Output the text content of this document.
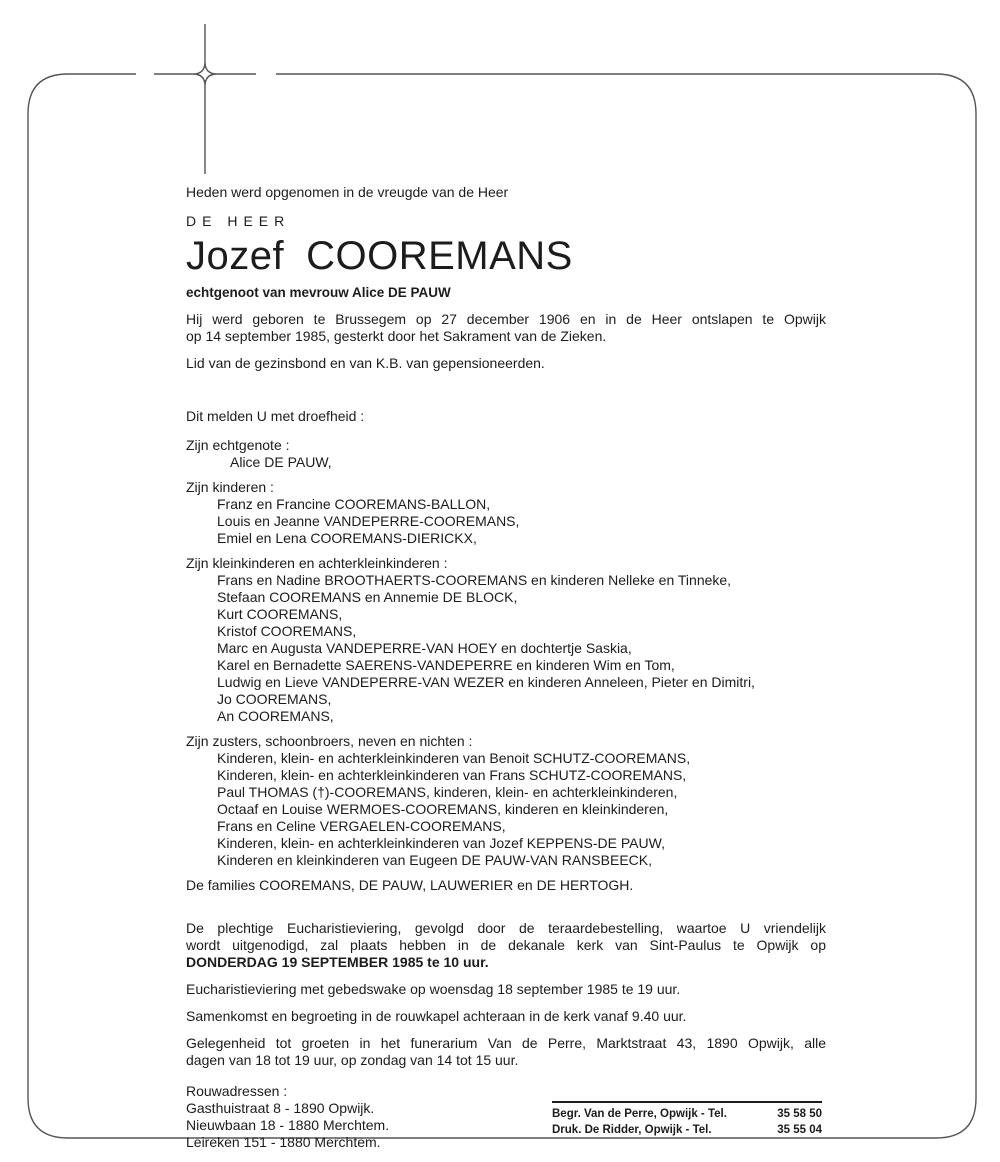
Heden werd opgenomen in de vreugde van de Heer
DE HEER
Jozef COOREMANS
echtgenoot van mevrouw Alice DE PAUW
Hij werd geboren te Brussegem op 27 december 1906 en in de Heer ontslapen te Opwijk
op 14 september 1985, gesterkt door het Sakrament van de Zieken.
Lid van de gezinsbond en van K.B. van gepensioneerden.
Dit melden U met droefheid :
Zijn echtgenote :
Alice DE PAUW,
Zijn kinderen :
Franz en Francine COOREMANS-BALLON,
Louis en Jeanne VANDEPERRE-COOREMANS,
Emiel en Lena COOREMANS-DIERICKX,
Zijn kleinkinderen en achterkleinkinderen :
Frans en Nadine BROOTHAERTS-COOREMANS en kinderen Nelleke en Tinneke,
Stefaan COOREMANS en Annemie DE BLOCK,
Kurt COOREMANS,
Kristof COOREMANS,
Marc en Augusta VANDEPERRE-VAN HOEY en dochtertje Saskia,
Karel en Bernadette SAERENS-VANDEPERRE en kinderen Wim en Tom,
Ludwig en Lieve VANDEPERRE-VAN WEZER en kinderen Anneleen, Pieter en Dimitri,
Jo COOREMANS,
An COOREMANS,
Zijn zusters, schoonbroers, neven en nichten :
Kinderen, klein- en achterkleinkinderen van Benoit SCHUTZ-COOREMANS,
Kinderen, klein- en achterkleinkinderen van Frans SCHUTZ-COOREMANS,
Paul THOMAS (†)-COOREMANS, kinderen, klein- en achterkleinkinderen,
Octaaf en Louise WERMOES-COOREMANS, kinderen en kleinkinderen,
Frans en Celine VERGAELEN-COOREMANS,
Kinderen, klein- en achterkleinkinderen van Jozef KEPPENS-DE PAUW,
Kinderen en kleinkinderen van Eugeen DE PAUW-VAN RANSBEECK,
De families COOREMANS, DE PAUW, LAUWERIER en DE HERTOGH.
De plechtige Eucharistieviering, gevolgd door de teraardebestelling, waartoe U vriendelijk
wordt uitgenodigd, zal plaats hebben in de dekanale kerk van Sint-Paulus te Opwijk op
DONDERDAG 19 SEPTEMBER 1985 te 10 uur.
Eucharistieviering met gebedswake op woensdag 18 september 1985 te 19 uur.
Samenkomst en begroeting in de rouwkapel achteraan in de kerk vanaf 9.40 uur.
Gelegenheid tot groeten in het funerarium Van de Perre, Marktstraat 43, 1890 Opwijk, alle
dagen van 18 tot 19 uur, op zondag van 14 tot 15 uur.
Rouwadressen :
Gasthuistraat 8 - 1890 Opwijk.
Nieuwbaan 18 - 1880 Merchtem.
Leireken 151 - 1880 Merchtem.
Begr. Van de Perre, Opwijk - Tel.	35 58 50
Druk. De Ridder, Opwijk - Tel.	35 55 04
